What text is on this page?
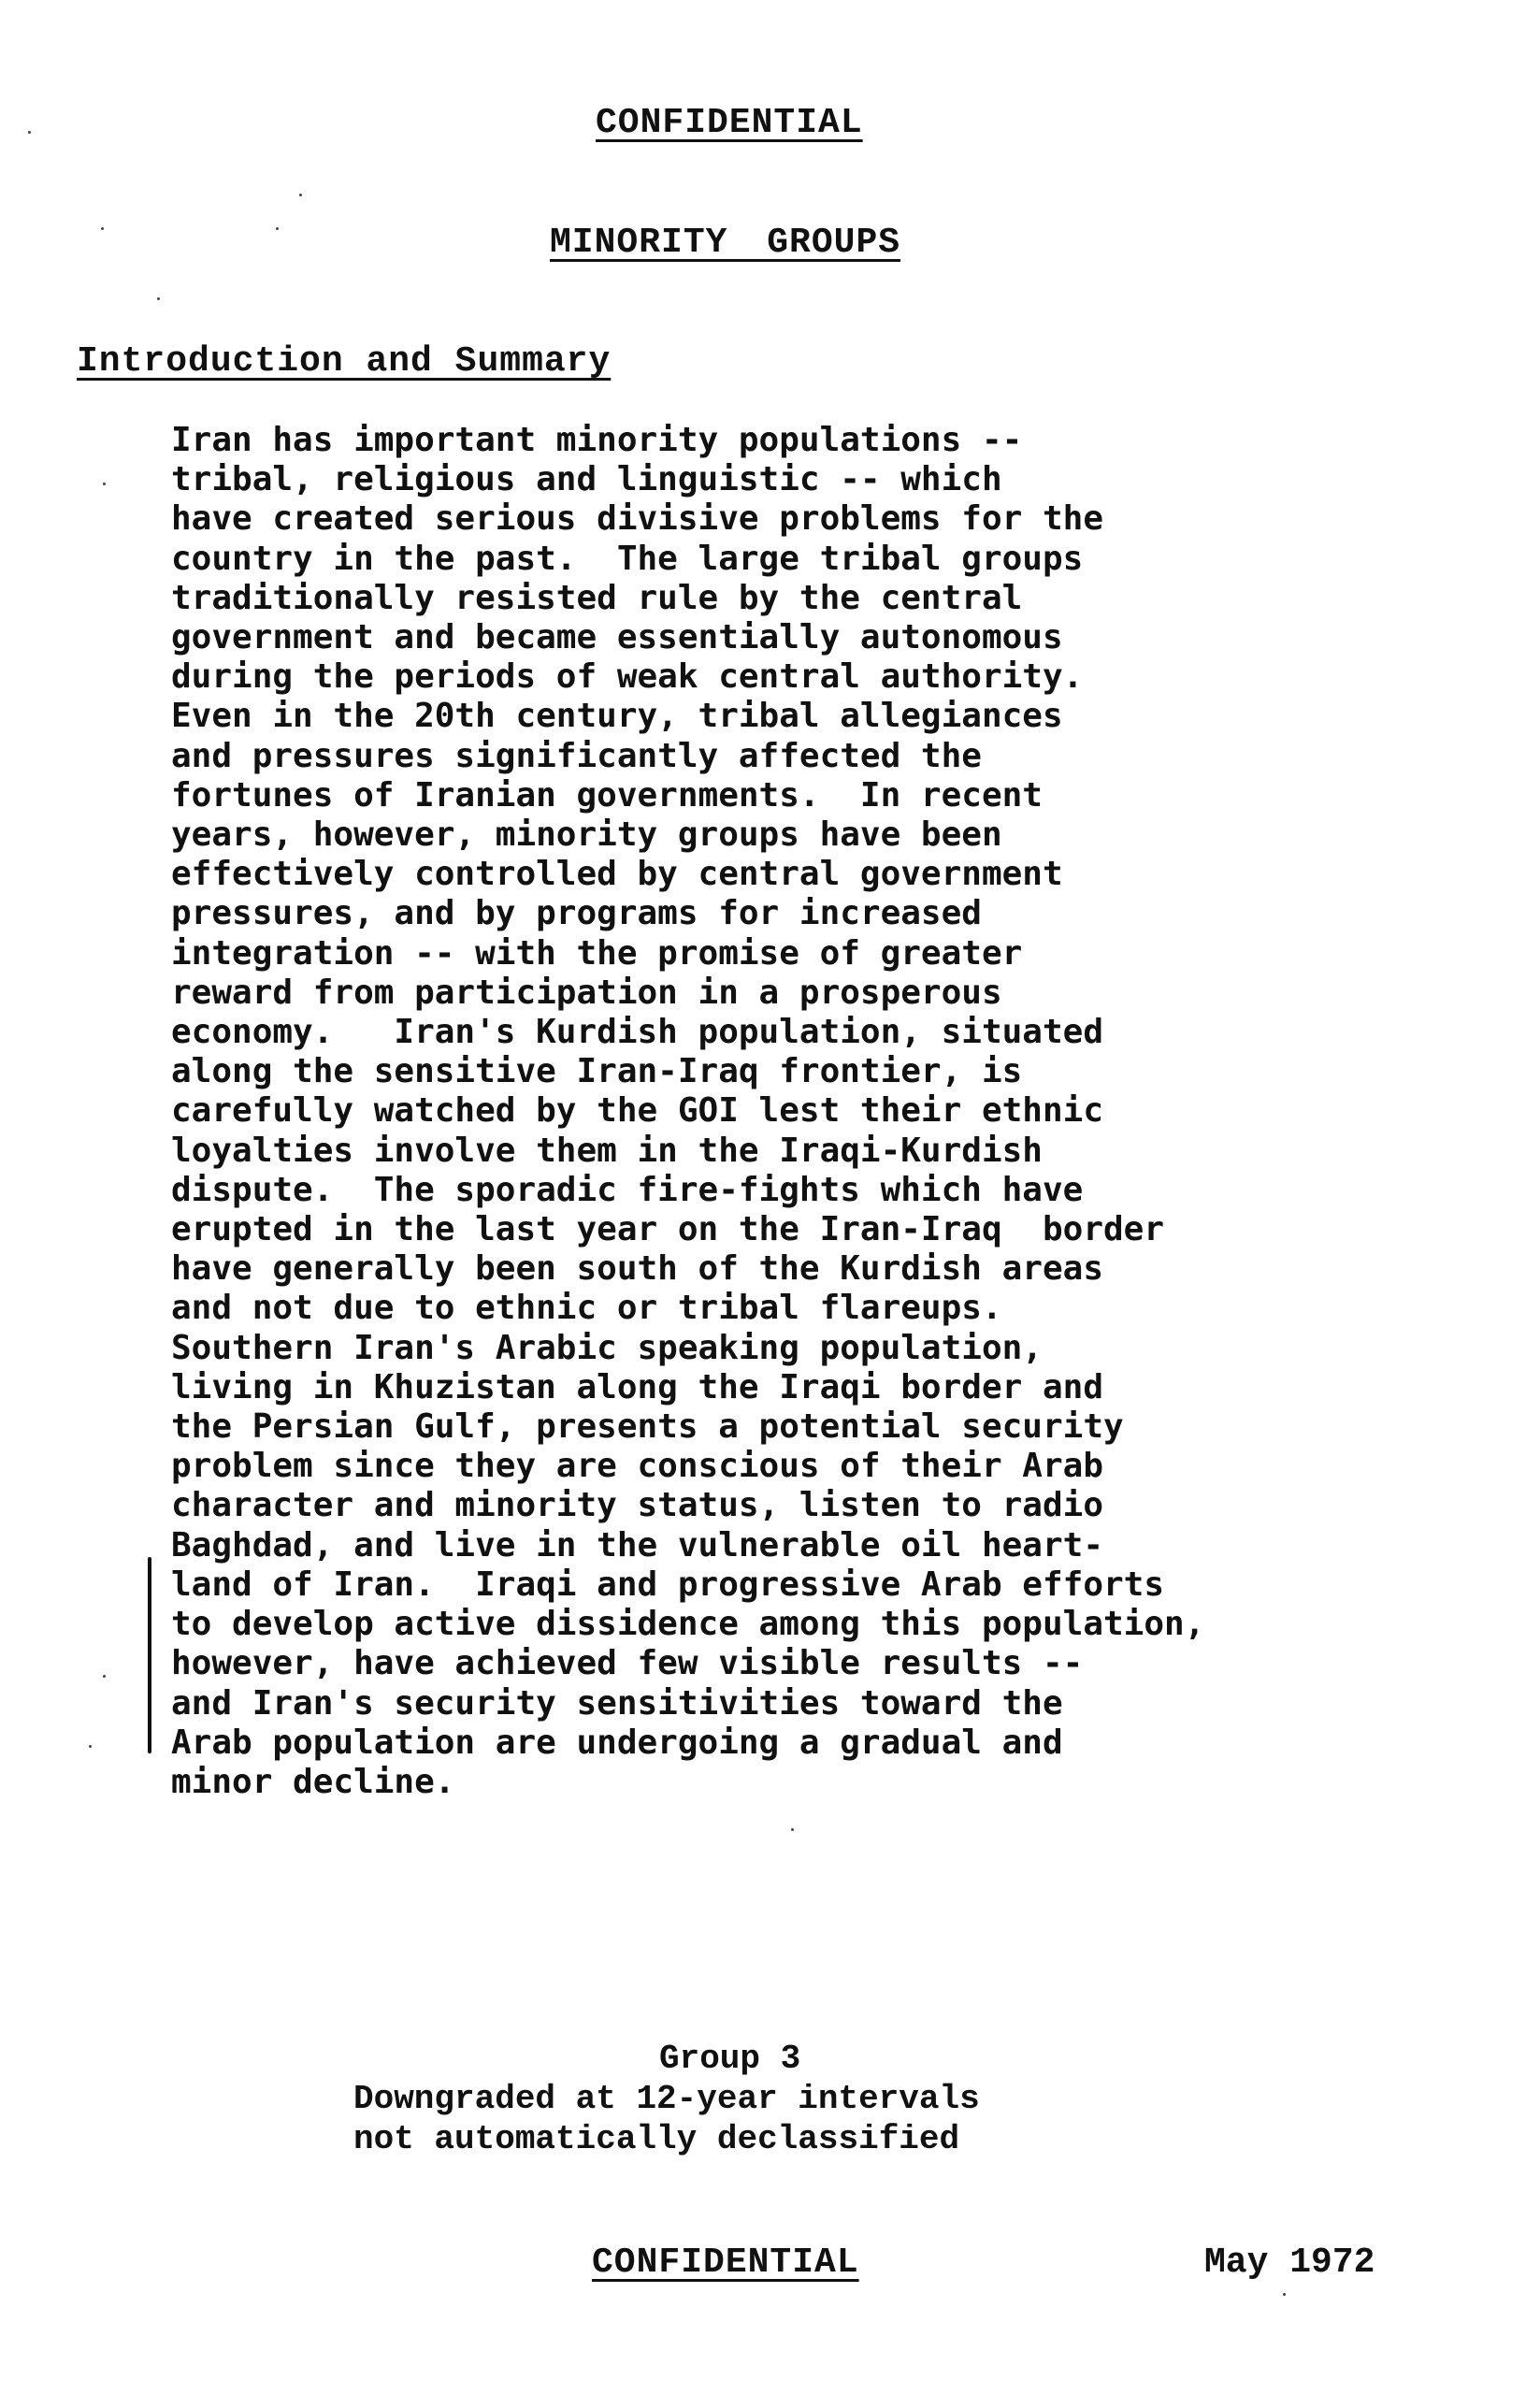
CONFIDENTIAL
MINORITY GROUPS
Introduction and Summary
Iran has important minority populations --
tribal, religious and linguistic -- which
have created serious divisive problems for the
country in the past.  The large tribal groups
traditionally resisted rule by the central
government and became essentially autonomous
during the periods of weak central authority.
Even in the 20th century, tribal allegiances
and pressures significantly affected the
fortunes of Iranian governments.  In recent
years, however, minority groups have been
effectively controlled by central government
pressures, and by programs for increased
integration -- with the promise of greater
reward from participation in a prosperous
economy.   Iran's Kurdish population, situated
along the sensitive Iran-Iraq frontier, is
carefully watched by the GOI lest their ethnic
loyalties involve them in the Iraqi-Kurdish
dispute.  The sporadic fire-fights which have
erupted in the last year on the Iran-Iraq  border
have generally been south of the Kurdish areas
and not due to ethnic or tribal flareups.
Southern Iran's Arabic speaking population,
living in Khuzistan along the Iraqi border and
the Persian Gulf, presents a potential security
problem since they are conscious of their Arab
character and minority status, listen to radio
Baghdad, and live in the vulnerable oil heart-
land of Iran.  Iraqi and progressive Arab efforts
to develop active dissidence among this population,
however, have achieved few visible results --
and Iran's security sensitivities toward the
Arab population are undergoing a gradual and
minor decline.
Group 3
Downgraded at 12-year intervals
not automatically declassified
CONFIDENTIAL	May 1972
